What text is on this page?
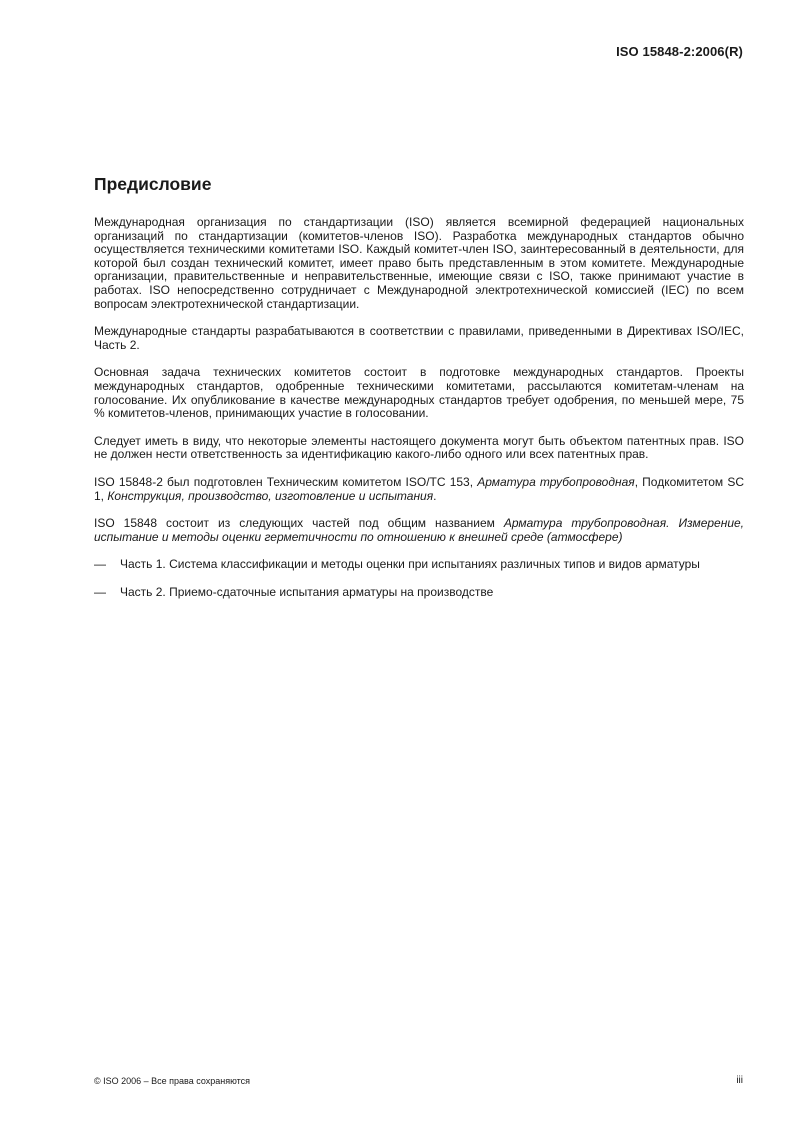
ISO 15848-2:2006(R)
Предисловие

Международная организация по стандартизации (ISO) является всемирной федерацией национальных организаций по стандартизации (комитетов-членов ISO). Разработка международных стандартов обычно осуществляется техническими комитетами ISO. Каждый комитет-член ISO, заинтересованный в деятельности, для которой был создан технический комитет, имеет право быть представленным в этом комитете. Международные организации, правительственные и неправительственные, имеющие связи с ISO, также принимают участие в работах. ISO непосредственно сотрудничает с Международной электротехнической комиссией (IEC) по всем вопросам электротехнической стандартизации.

Международные стандарты разрабатываются в соответствии с правилами, приведенными в Директивах ISO/IEC, Часть 2.

Основная задача технических комитетов состоит в подготовке международных стандартов. Проекты международных стандартов, одобренные техническими комитетами, рассылаются комитетам-членам на голосование. Их опубликование в качестве международных стандартов требует одобрения, по меньшей мере, 75 % комитетов-членов, принимающих участие в голосовании.

Следует иметь в виду, что некоторые элементы настоящего документа могут быть объектом патентных прав. ISO не должен нести ответственность за идентификацию какого-либо одного или всех патентных прав.

ISO 15848-2 был подготовлен Техническим комитетом ISO/TC 153, Арматура трубопроводная, Подкомитетом SC 1, Конструкция, производство, изготовление и испытания.

ISO 15848 состоит из следующих частей под общим названием Арматура трубопроводная. Измерение, испытание и методы оценки герметичности по отношению к внешней среде (атмосфере)

—	Часть 1. Система классификации и методы оценки при испытаниях различных типов и видов арматуры
—	Часть 2. Приемо-сдаточные испытания арматуры на производстве
© ISO 2006 – Все права сохраняются	iii
